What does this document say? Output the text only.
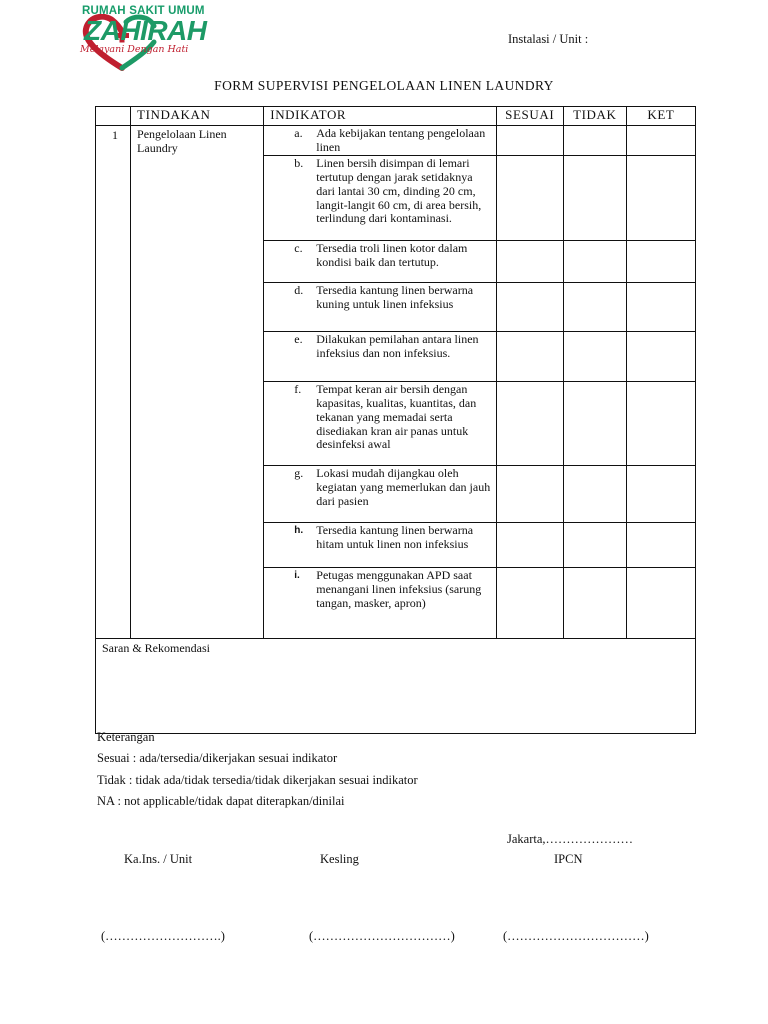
RUMAH SAKIT UMUM
ZAHIRAH
Melayani Dengan Hati
Instalasi / Unit :
FORM SUPERVISI PENGELOLAAN LINEN LAUNDRY
	TINDAKAN	INDIKATOR	SESUAI	TIDAK	KET
1	Pengelolaan Linen Laundry	a. Ada kebijakan tentang pengelolaan linen			

		b. Linen bersih disimpan di lemari tertutup dengan jarak setidaknya dari lantai 30 cm, dinding 20 cm, langit-langit 60 cm, di area bersih, terlindung dari kontaminasi.			

		c. Tersedia troli linen kotor dalam kondisi baik dan tertutup.			

		d. Tersedia kantung linen berwarna kuning untuk linen infeksius			

		e. Dilakukan pemilahan antara linen infeksius dan non infeksius.			

		f. Tempat keran air bersih dengan kapasitas, kualitas, kuantitas, dan tekanan yang memadai serta disediakan kran air panas untuk desinfeksi awal			

		g. Lokasi mudah dijangkau oleh kegiatan yang memerlukan dan jauh dari pasien			

		h. Tersedia kantung linen berwarna hitam untuk linen non infeksius			

		i. Petugas menggunakan APD saat menangani linen infeksius (sarung tangan, masker, apron)			

Saran & Rekomendasi					
Keterangan
Sesuai : ada/tersedia/dikerjakan sesuai indikator
Tidak : tidak ada/tidak tersedia/tidak dikerjakan sesuai indikator
NA : not applicable/tidak dapat diterapkan/dinilai
Jakarta,…………………
Ka.Ins. / Unit	Kesling	IPCN
(……………………….)	(……………………………)	(……………………………)
